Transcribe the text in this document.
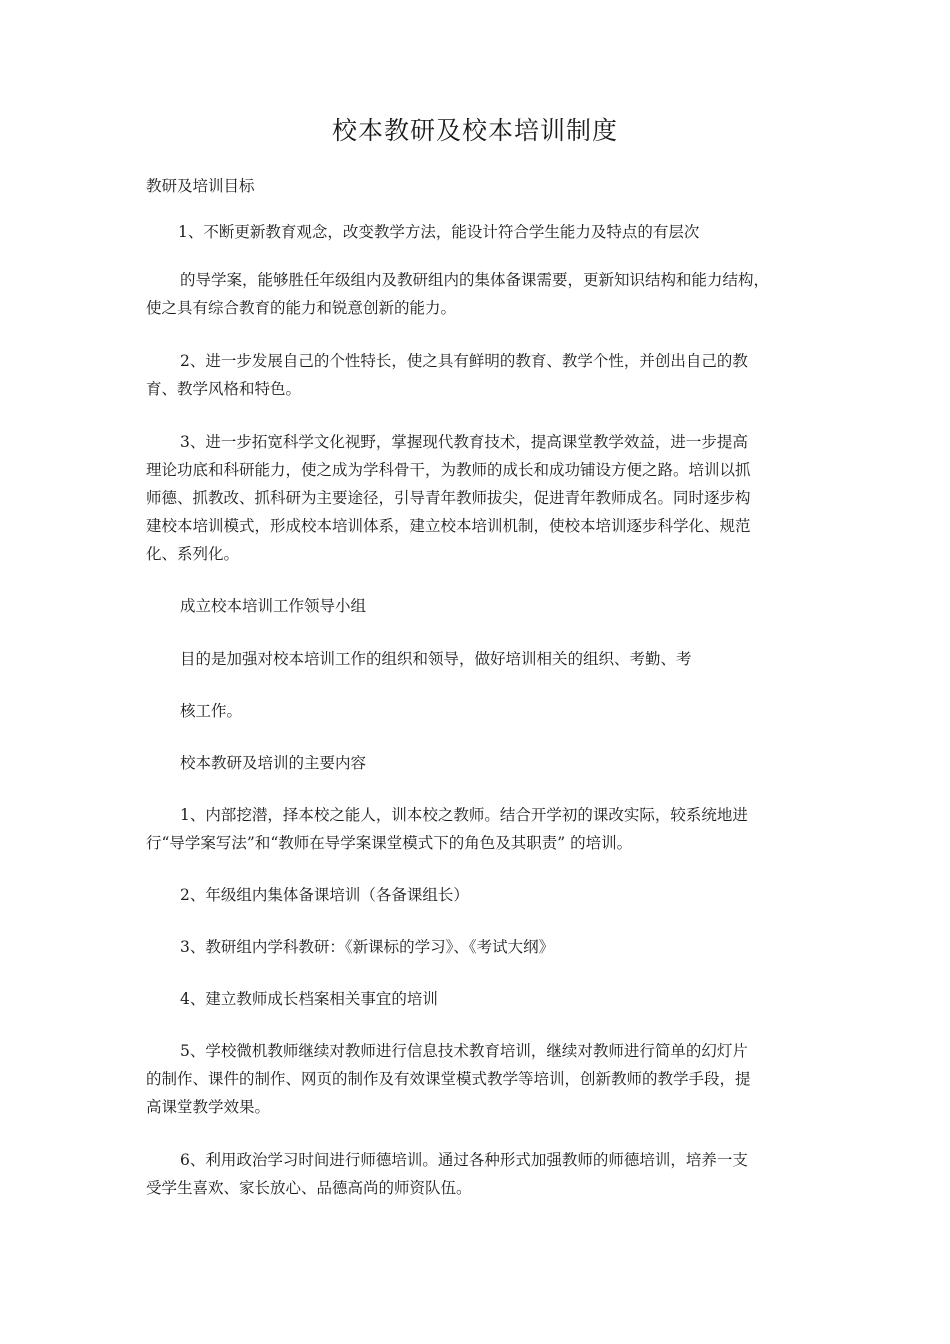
校本教研及校本培训制度
教研及培训目标
1、不断更新教育观念，改变教学方法，能设计符合学生能力及特点的有层次
的导学案，能够胜任年级组内及教研组内的集体备课需要，更新知识结构和能力结构，
使之具有综合教育的能力和锐意创新的能力。
2、进一步发展自己的个性特长，使之具有鲜明的教育、教学个性，并创出自己的教
育、教学风格和特色。
3、进一步拓宽科学文化视野，掌握现代教育技术，提高课堂教学效益，进一步提高
理论功底和科研能力，使之成为学科骨干，为教师的成长和成功铺设方便之路。培训以抓
师德、抓教改、抓科研为主要途径，引导青年教师拔尖，促进青年教师成名。同时逐步构
建校本培训模式，形成校本培训体系，建立校本培训机制，使校本培训逐步科学化、规范
化、系列化。
成立校本培训工作领导小组
目的是加强对校本培训工作的组织和领导，做好培训相关的组织、考勤、考
核工作。
校本教研及培训的主要内容
1、内部挖潜，择本校之能人，训本校之教师。结合开学初的课改实际，较系统地进
行“导学案写法”和“教师在导学案课堂模式下的角色及其职责” 的培训。
2、年级组内集体备课培训（各备课组长）
3、教研组内学科教研：《新课标的学习》、《考试大纲》
4、建立教师成长档案相关事宜的培训
5、学校微机教师继续对教师进行信息技术教育培训，继续对教师进行简单的幻灯片
的制作、课件的制作、网页的制作及有效课堂模式教学等培训，创新教师的教学手段，提
高课堂教学效果。
6、利用政治学习时间进行师德培训。通过各种形式加强教师的师德培训，培养一支
受学生喜欢、家长放心、品德高尚的师资队伍。
